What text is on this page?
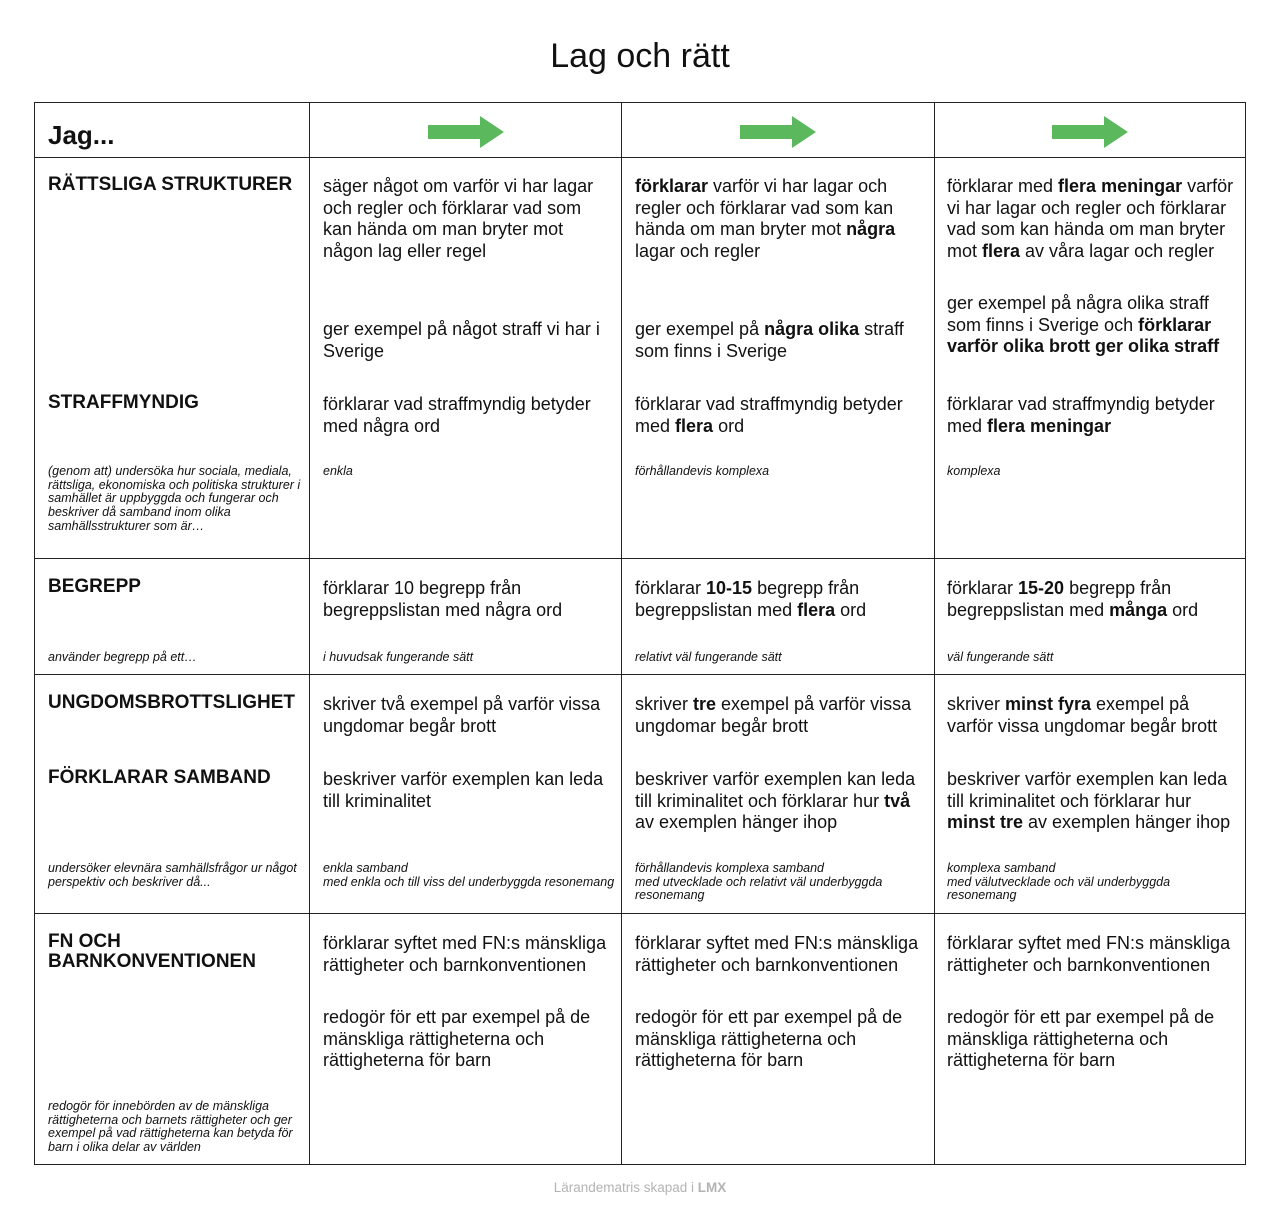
Lag och rätt
Jag...
RÄTTSLIGA STRUKTURER
STRAFFMYNDIG
(genom att) undersöka hur sociala, mediala, rättsliga, ekonomiska och politiska strukturer i samhället är uppbyggda och fungerar och beskriver då samband inom olika samhällsstrukturer som är…
säger något om varför vi har lagar och regler och förklarar vad som kan hända om man bryter mot någon lag eller regel
ger exempel på något straff vi har i Sverige
förklarar vad straffmyndig betyder med några ord
enkla
förklarar varför vi har lagar och regler och förklarar vad som kan hända om man bryter mot några lagar och regler
ger exempel på några olika straff som finns i Sverige
förklarar vad straffmyndig betyder med flera ord
förhållandevis komplexa
förklarar med flera meningar varför vi har lagar och regler och förklarar vad som kan hända om man bryter mot flera av våra lagar och regler
ger exempel på några olika straff som finns i Sverige och förklarar varför olika brott ger olika straff
förklarar vad straffmyndig betyder med flera meningar
komplexa
BEGREPP
använder begrepp på ett…
förklarar 10 begrepp från begreppslistan med några ord
i huvudsak fungerande sätt
förklarar 10-15 begrepp från begreppslistan med flera ord
relativt väl fungerande sätt
förklarar 15-20 begrepp från begreppslistan med många ord
väl fungerande sätt
UNGDOMSBROTTSLIGHET
FÖRKLARAR SAMBAND
undersöker elevnära samhällsfrågor ur något perspektiv och beskriver då...
skriver två exempel på varför vissa ungdomar begår brott
beskriver varför exemplen kan leda till kriminalitet
enkla samband
med enkla och till viss del underbyggda resonemang
skriver tre exempel på varför vissa ungdomar begår brott
beskriver varför exemplen kan leda till kriminalitet och förklarar hur två av exemplen hänger ihop
förhållandevis komplexa samband
med utvecklade och relativt väl underbyggda resonemang
skriver minst fyra exempel på varför vissa ungdomar begår brott
beskriver varför exemplen kan leda till kriminalitet och förklarar hur minst tre av exemplen hänger ihop
komplexa samband
med välutvecklade och väl underbyggda resonemang
FN OCH BARNKONVENTIONEN
redogör för innebörden av de mänskliga rättigheterna och barnets rättigheter och ger exempel på vad rättigheterna kan betyda för barn i olika delar av världen
förklarar syftet med FN:s mänskliga rättigheter och barnkonventionen
redogör för ett par exempel på de mänskliga rättigheterna och rättigheterna för barn
förklarar syftet med FN:s mänskliga rättigheter och barnkonventionen
redogör för ett par exempel på de mänskliga rättigheterna och rättigheterna för barn
förklarar syftet med FN:s mänskliga rättigheter och barnkonventionen
redogör för ett par exempel på de mänskliga rättigheterna och rättigheterna för barn
Lärandematris skapad i LMX
